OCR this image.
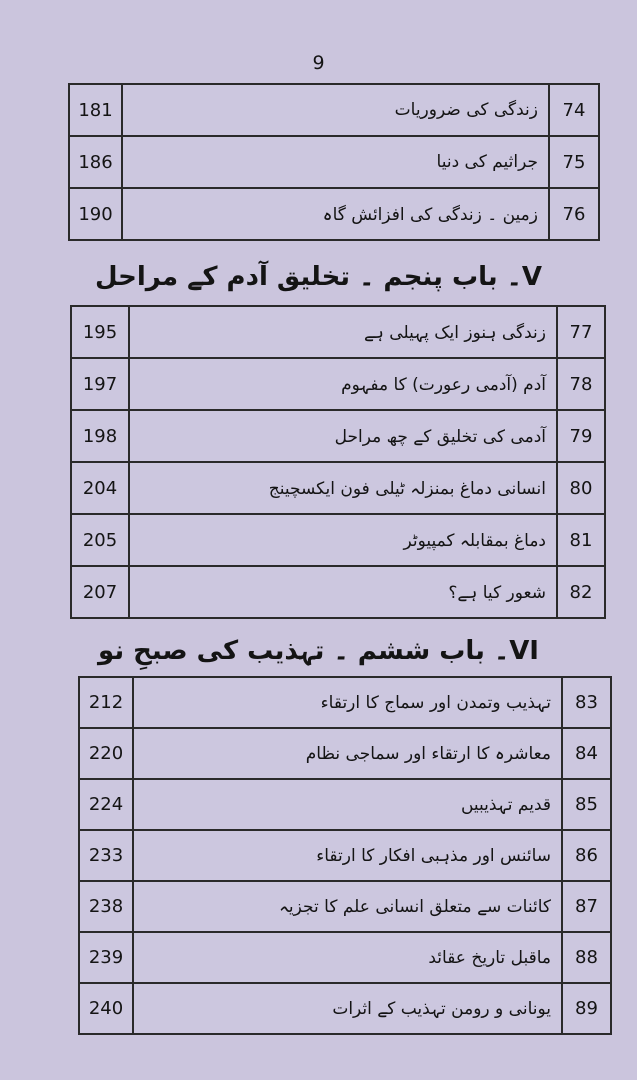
9
74	زندگی کی ضروریات	181
75	جراثیم کی دنیا	186
76	زمین ۔ زندگی کی افزائش گاہ	190
V۔ باب پنجم ۔ تخلیق آدم کے مراحل
77	زندگی ہنوز ایک پہیلی ہے	195
78	آدم (آدمی رعورت) کا مفہوم	197
79	آدمی کی تخلیق کے چھ مراحل	198
80	انسانی دماغ بمنزلہ ٹیلی فون ایکسچینج	204
81	دماغ بمقابلہ کمپیوٹر	205
82	شعور کیا ہے؟	207
VI۔ باب ششم ۔ تہذیب کی صبحِ نو
83	تہذیب وتمدن اور سماج کا ارتقاء	212
84	معاشرہ کا ارتقاء اور سماجی نظام	220
85	قدیم تہذیبیں	224
86	سائنس اور مذہبی افکار کا ارتقاء	233
87	کائنات سے متعلق انسانی علم کا تجزیہ	238
88	ماقبل تاریخ عقائد	239
89	یونانی و رومن تہذیب کے اثرات	240
